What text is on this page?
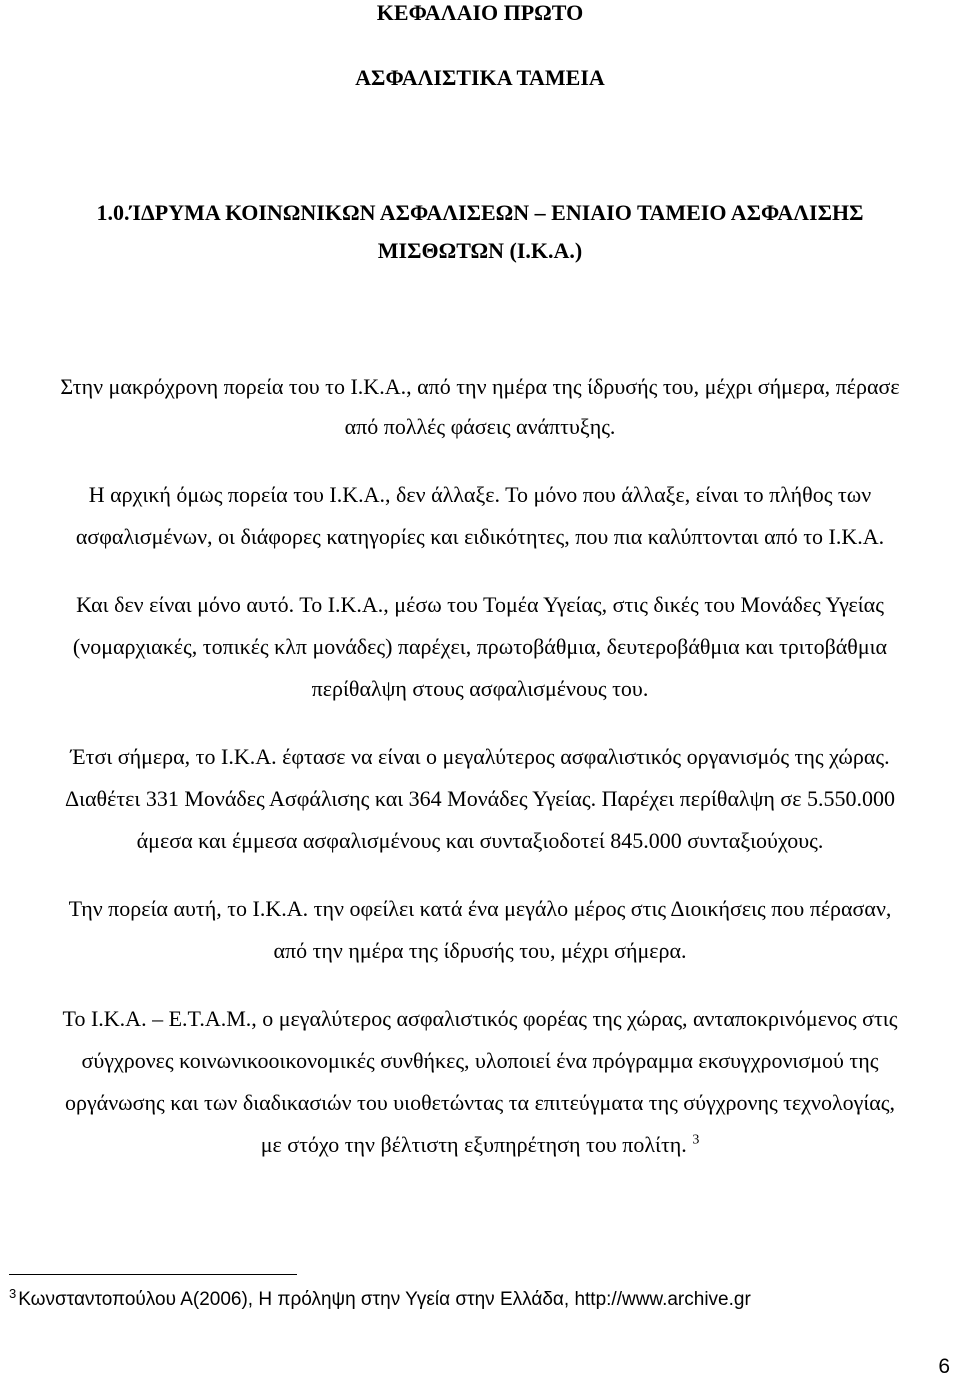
ΚΕΦΑΛΑΙΟ ΠΡΩΤΟ
ΑΣΦΑΛΙΣΤΙΚΑ ΤΑΜΕΙΑ
1.0.ΊΔΡΥΜΑ ΚΟΙΝΩΝΙΚΩΝ ΑΣΦΑΛΙΣΕΩΝ – ΕΝΙΑΙΟ ΤΑΜΕΙΟ ΑΣΦΑΛΙΣΗΣ
ΜΙΣΘΩΤΩΝ (Ι.Κ.Α.)
Στην μακρόχρονη πορεία του το Ι.Κ.Α., από την ημέρα της ίδρυσής του, μέχρι σήμερα, πέρασε
από πολλές φάσεις ανάπτυξης.
Η αρχική όμως πορεία του Ι.Κ.Α., δεν άλλαξε. Το μόνο που άλλαξε, είναι το πλήθος των
ασφαλισμένων, οι διάφορες κατηγορίες και ειδικότητες, που πια καλύπτονται από το Ι.Κ.Α.
Και δεν είναι μόνο αυτό. Το Ι.Κ.Α., μέσω του Τομέα Υγείας, στις δικές του Μονάδες Υγείας
(νομαρχιακές, τοπικές κλπ μονάδες) παρέχει, πρωτοβάθμια, δευτεροβάθμια και τριτοβάθμια
περίθαλψη στους ασφαλισμένους του.
Έτσι σήμερα, το Ι.Κ.Α. έφτασε να είναι ο μεγαλύτερος ασφαλιστικός οργανισμός της χώρας.
Διαθέτει 331 Μονάδες Ασφάλισης και 364 Μονάδες Υγείας. Παρέχει περίθαλψη σε 5.550.000
άμεσα και έμμεσα ασφαλισμένους και συνταξιοδοτεί 845.000 συνταξιούχους.
Την πορεία αυτή, το Ι.Κ.Α. την οφείλει κατά ένα μεγάλο μέρος στις Διοικήσεις που πέρασαν,
από την ημέρα της ίδρυσής του, μέχρι σήμερα.
Το Ι.Κ.Α. – Ε.Τ.Α.Μ., ο μεγαλύτερος ασφαλιστικός φορέας της χώρας, ανταποκρινόμενος στις
σύγχρονες κοινωνικοοικονομικές συνθήκες, υλοποιεί ένα πρόγραμμα εκσυγχρονισμού της
οργάνωσης και των διαδικασιών του υιοθετώντας τα επιτεύγματα της σύγχρονης τεχνολογίας,
με στόχο την βέλτιστη εξυπηρέτηση του πολίτη. $^3$
$^3$ Κωνσταντοπούλου Α(2006), Η πρόληψη στην Υγεία στην Ελλάδα, http://www.archive.gr
6
